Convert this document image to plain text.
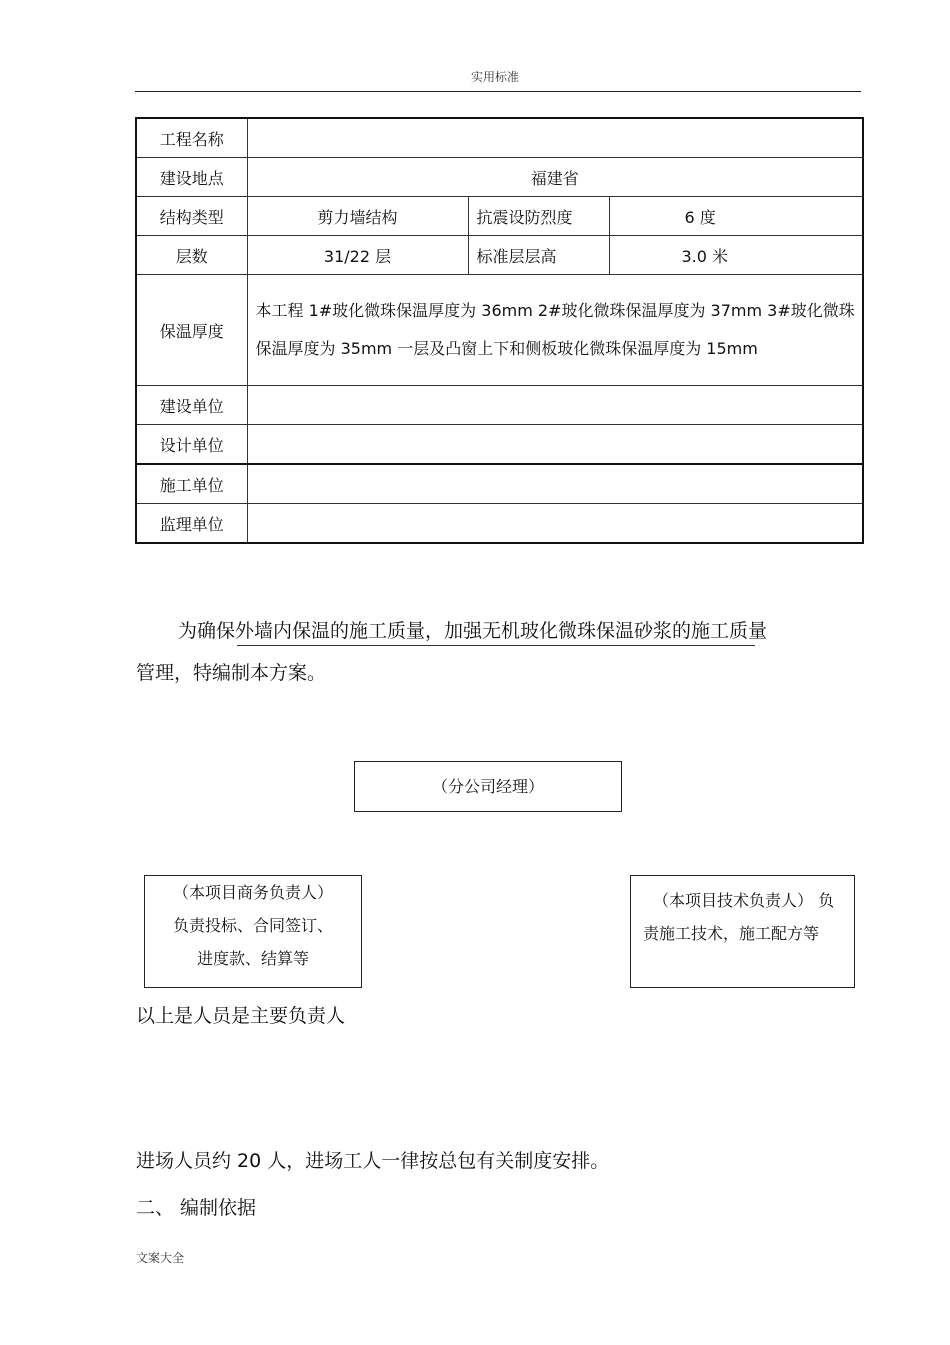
实用标准
工程名称			
建设地点	福建省		
结构类型	剪力墙结构	抗震设防烈度	6 度
层数	31/22 层	标准层层高	3.0 米
保温厚度	本工程 1#玻化微珠保温厚度为 36mm 2#玻化微珠保温厚度为 37mm 3#玻化微珠保温厚度为 35mm 一层及凸窗上下和侧板玻化微珠保温厚度为 15mm		
建设单位			
设计单位			
施工单位			
监理单位			
为确保外墙内保温的施工质量，加强无机玻化微珠保温砂浆的施工质量
管理，特编制本方案。
（分公司经理）
（本项目商务负责人）
负责投标、合同签订、
进度款、结算等
（本项目技术负责人） 负
责施工技术，施工配方等
以上是人员是主要负责人
进场人员约 20 人，进场工人一律按总包有关制度安排。
二、 编制依据
文案大全
